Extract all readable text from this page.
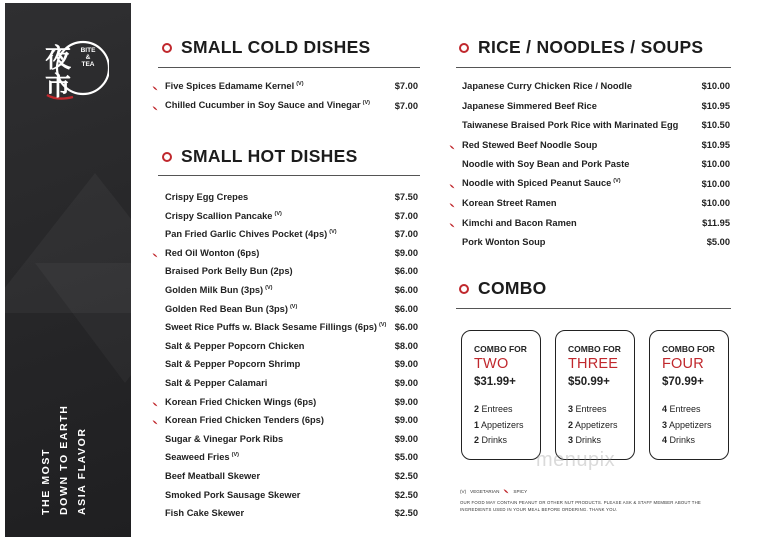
夜
市
BITE
& TEA
THE MOST DOWN TO EARTH ASIA FLAVOR
SMALL COLD DISHES
Five Spices Edamame Kernel $^{(V)}$	$7.00
Chilled Cucumber in Soy Sauce and Vinegar $^{(V)}$	$7.00
SMALL HOT DISHES
Crispy Egg Crepes	$7.50
Crispy Scallion Pancake $^{(V)}$	$7.00
Pan Fried Garlic Chives Pocket (4ps) $^{(V)}$	$7.00
Red Oil Wonton (6ps)	$9.00
Braised Pork Belly Bun (2ps)	$6.00
Golden Milk Bun (3ps) $^{(V)}$	$6.00
Golden Red Bean Bun (3ps) $^{(V)}$	$6.00
Sweet Rice Puffs w. Black Sesame Fillings (6ps) $^{(V)}$ $6.00
Salt & Pepper Popcorn Chicken	$8.00
Salt & Pepper Popcorn Shrimp	$9.00
Salt & Pepper Calamari	$9.00
Korean Fried Chicken Wings (6ps)	$9.00
Korean Fried Chicken Tenders (6ps)	$9.00
Sugar & Vinegar Pork Ribs	$9.00
Seaweed Fries $^{(V)}$	$5.00
Beef Meatball Skewer	$2.50
Smoked Pork Sausage Skewer	$2.50
Fish Cake Skewer	$2.50
RICE / NOODLES / SOUPS
Japanese Curry Chicken Rice / Noodle	$10.00
Japanese Simmered Beef Rice	$10.95
Taiwanese Braised Pork Rice with Marinated Egg	$10.50
Red Stewed Beef Noodle Soup	$10.95
Noodle with Soy Bean and Pork Paste	$10.00
Noodle with Spiced Peanut Sauce $^{(V)}$	$10.00
Korean Street Ramen	$10.00
Kimchi and Bacon Ramen	$11.95
Pork Wonton Soup	$5.00
COMBO
COMBO FOR
TWO
$31.99+
2 Entrees
1 Appetizers
2 Drinks
COMBO FOR
THREE
$50.99+
3 Entrees
2 Appetizers
3 Drinks
COMBO FOR
FOUR
$70.99+
4 Entrees
3 Appetizers
4 Drinks
menupix
(V) VEGETARIAN	SPICY
OUR FOOD MAY CONTAIN PEANUT OR OTHER NUT PRODUCTS. PLEASE ASK & STAFF MEMBER ABOUT THE INGREDIENTS USED IN YOUR MEAL BEFORE ORDERING. THANK YOU.
